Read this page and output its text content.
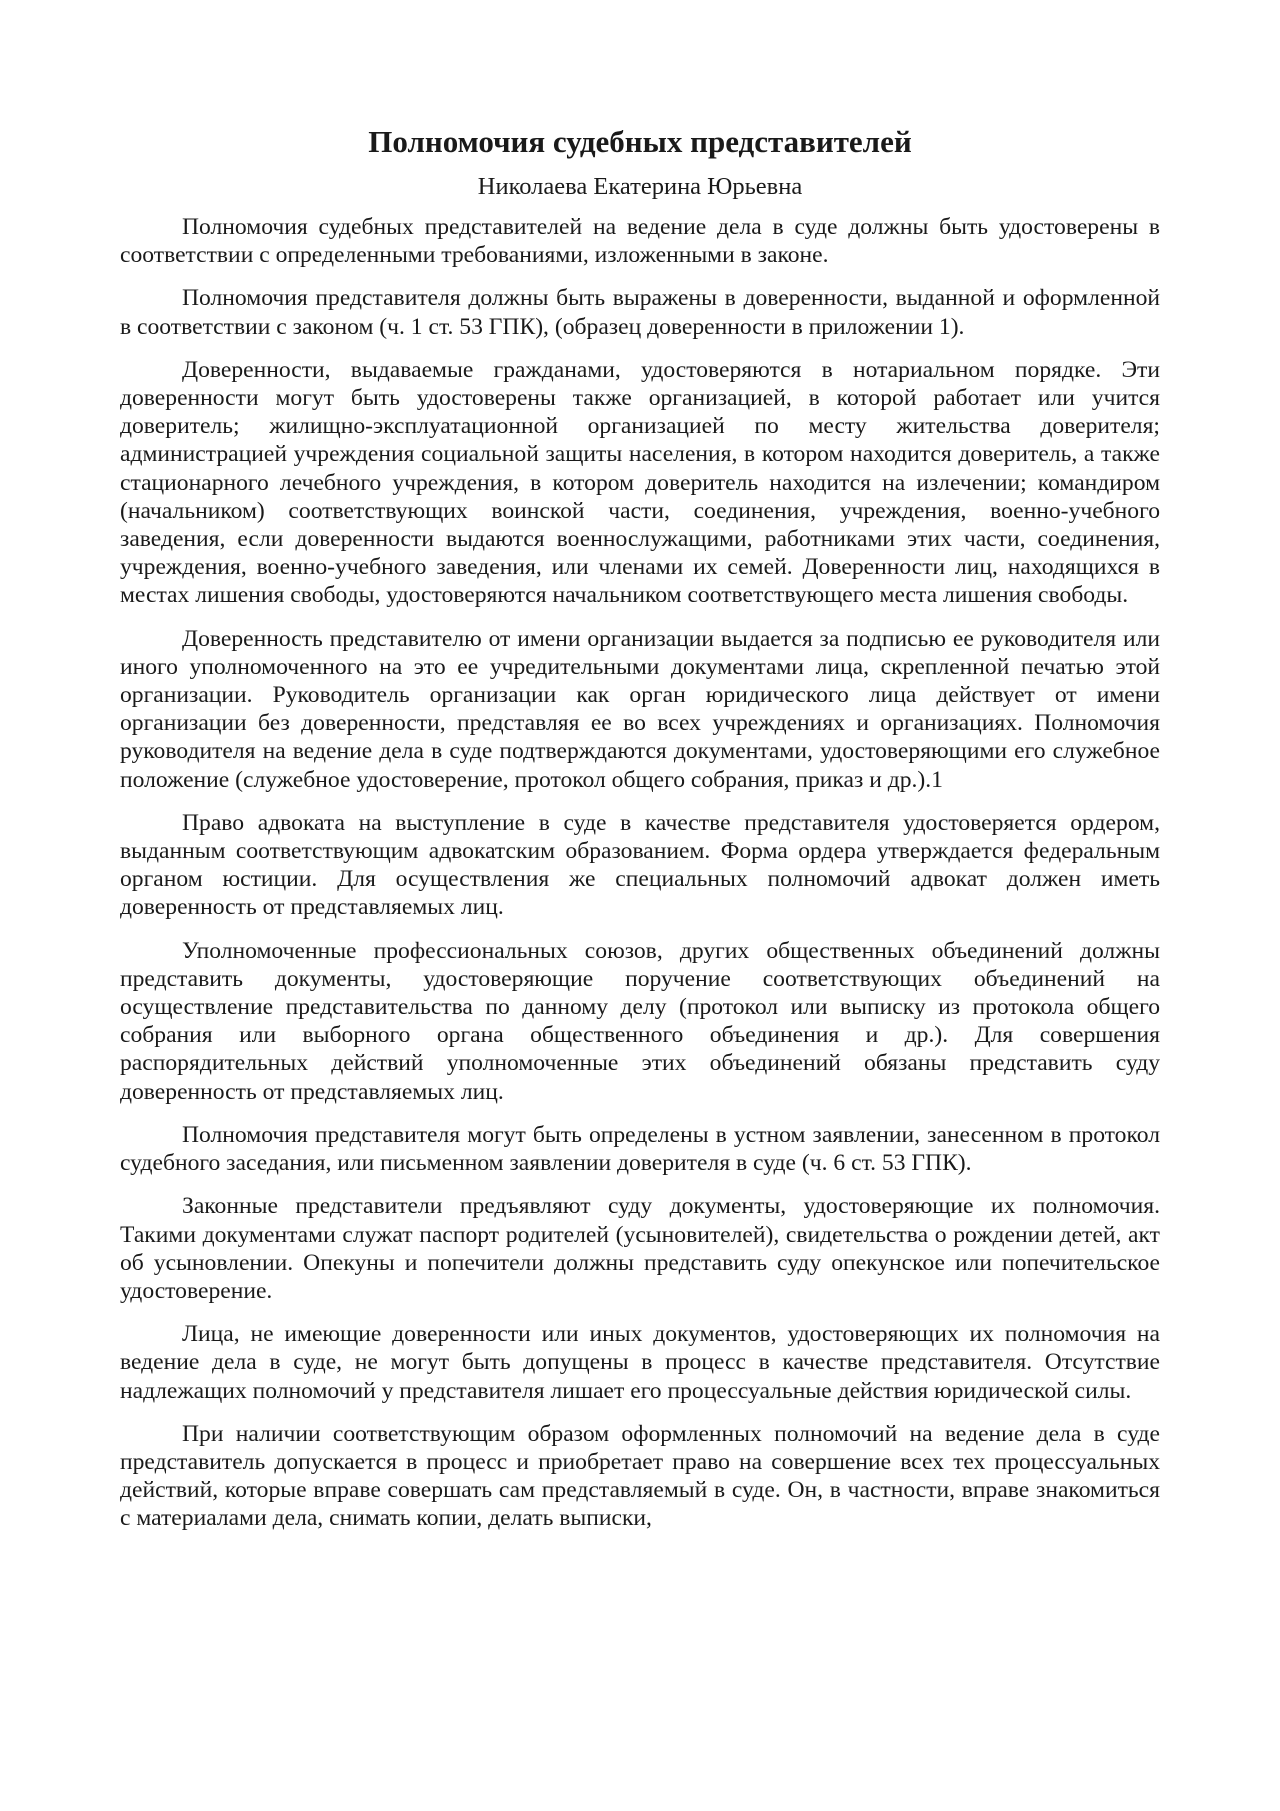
Полномочия судебных представителей
Николаева Екатерина Юрьевна

Полномочия судебных представителей на ведение дела в суде должны быть удостоверены в соответствии с определенными требованиями, изложенными в законе.

Полномочия представителя должны быть выражены в доверенности, выданной и оформленной в соответствии с законом (ч. 1 ст. 53 ГПК), (образец доверенности в приложении 1).

Доверенности, выдаваемые гражданами, удостоверяются в нотариальном порядке. Эти доверенности могут быть удостоверены также организацией, в которой работает или учится доверитель; жилищно-эксплуатационной организацией по месту жительства доверителя; администрацией учреждения социальной защиты населения, в котором находится доверитель, а также стационарного лечебного учреждения, в котором доверитель находится на излечении; командиром (начальником) соответствующих воинской части, соединения, учреждения, военно-учебного заведения, если доверенности выдаются военнослужащими, работниками этих части, соединения, учреждения, военно-учебного заведения, или членами их семей. Доверенности лиц, находящихся в местах лишения свободы, удостоверяются начальником соответствующего места лишения свободы.

Доверенность представителю от имени организации выдается за подписью ее руководителя или иного уполномоченного на это ее учредительными документами лица, скрепленной печатью этой организации. Руководитель организации как орган юридического лица действует от имени организации без доверенности, представляя ее во всех учреждениях и организациях. Полномочия руководителя на ведение дела в суде подтверждаются документами, удостоверяющими его служебное положение (служебное удостоверение, протокол общего собрания, приказ и др.).1

Право адвоката на выступление в суде в качестве представителя удостоверяется ордером, выданным соответствующим адвокатским образованием. Форма ордера утверждается федеральным органом юстиции. Для осуществления же специальных полномочий адвокат должен иметь доверенность от представляемых лиц.

Уполномоченные профессиональных союзов, других общественных объединений должны представить документы, удостоверяющие поручение соответствующих объединений на осуществление представительства по данному делу (протокол или выписку из протокола общего собрания или выборного органа общественного объединения и др.). Для совершения распорядительных действий уполномоченные этих объединений обязаны представить суду доверенность от представляемых лиц.

Полномочия представителя могут быть определены в устном заявлении, занесенном в протокол судебного заседания, или письменном заявлении доверителя в суде (ч. 6 ст. 53 ГПК).

Законные представители предъявляют суду документы, удостоверяющие их полномочия. Такими документами служат паспорт родителей (усыновителей), свидетельства о рождении детей, акт об усыновлении. Опекуны и попечители должны представить суду опекунское или попечительское удостоверение.

Лица, не имеющие доверенности или иных документов, удостоверяющих их полномочия на ведение дела в суде, не могут быть допущены в процесс в качестве представителя. Отсутствие надлежащих полномочий у представителя лишает его процессуальные действия юридической силы.

При наличии соответствующим образом оформленных полномочий на ведение дела в суде представитель допускается в процесс и приобретает право на совершение всех тех процессуальных действий, которые вправе совершать сам представляемый в суде. Он, в частности, вправе знакомиться с материалами дела, снимать копии, делать выписки,
